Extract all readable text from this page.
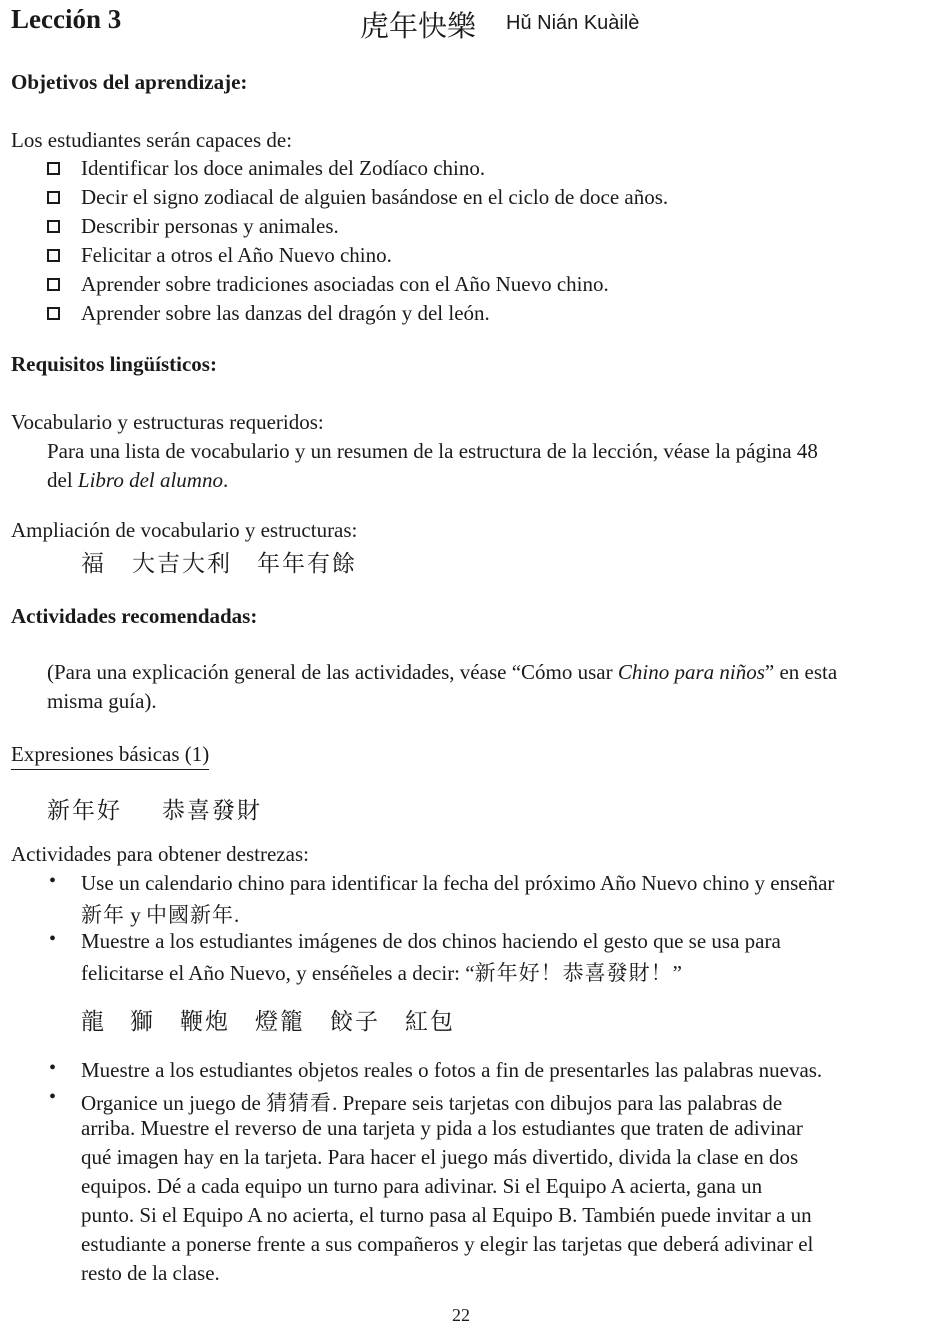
Lección 3	虎年快樂 Hǔ Nián Kuàilè
Objetivos del aprendizaje:
Los estudiantes serán capaces de:
Identificar los doce animales del Zodíaco chino.
Decir el signo zodiacal de alguien basándose en el ciclo de doce años.
Describir personas y animales.
Felicitar a otros el Año Nuevo chino.
Aprender sobre tradiciones asociadas con el Año Nuevo chino.
Aprender sobre las danzas del dragón y del león.
Requisitos lingüísticos:
Vocabulario y estructuras requeridos:
Para una lista de vocabulario y un resumen de la estructura de la lección, véase la página 48
del Libro del alumno.
Ampliación de vocabulario y estructuras:
福 大吉大利 年年有餘
Actividades recomendadas:
(Para una explicación general de las actividades, véase “Cómo usar Chino para niños” en esta
misma guía).
Expresiones básicas (1)
新年好 恭喜發財
Actividades para obtener destrezas:
• Use un calendario chino para identificar la fecha del próximo Año Nuevo chino y enseñar
新年 y 中國新年.
• Muestre a los estudiantes imágenes de dos chinos haciendo el gesto que se usa para
felicitarse el Año Nuevo, y enséñeles a decir: “新年好！恭喜發財！”
龍 獅 鞭炮 燈籠 餃子 紅包
• Muestre a los estudiantes objetos reales o fotos a fin de presentarles las palabras nuevas.
• Organice un juego de 猜猜看. Prepare seis tarjetas con dibujos para las palabras de
arriba. Muestre el reverso de una tarjeta y pida a los estudiantes que traten de adivinar
qué imagen hay en la tarjeta. Para hacer el juego más divertido, divida la clase en dos
equipos. Dé a cada equipo un turno para adivinar. Si el Equipo A acierta, gana un
punto. Si el Equipo A no acierta, el turno pasa al Equipo B. También puede invitar a un
estudiante a ponerse frente a sus compañeros y elegir las tarjetas que deberá adivinar el
resto de la clase.
22
